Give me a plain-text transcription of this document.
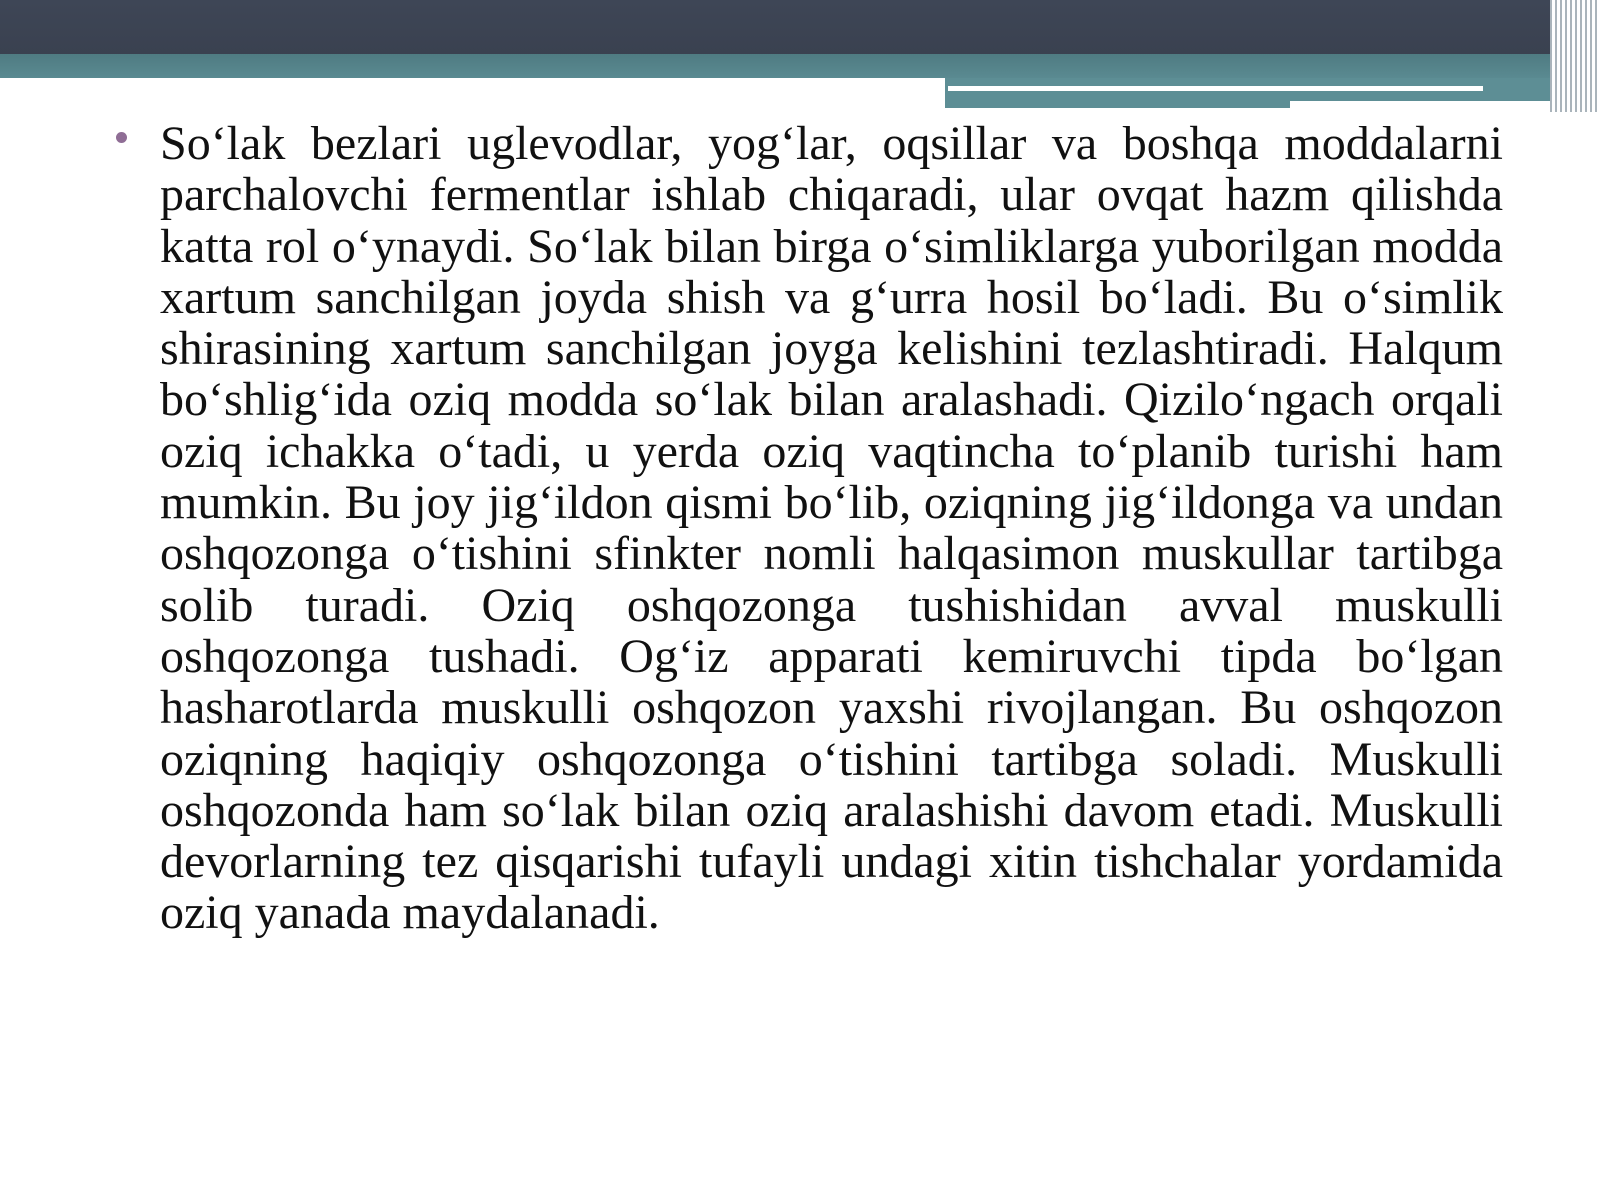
So‘lak bezlari uglevodlar, yog‘lar, oqsillar va boshqa moddalarni parchalovchi fermentlar ishlab chiqaradi, ular ovqat hazm qilishda katta rol o‘ynaydi. So‘lak bilan birga o‘simliklarga yuborilgan modda xartum sanchilgan joyda shish va g‘urra hosil bo‘ladi. Bu o‘simlik shirasining xartum sanchilgan joyga kelishini tezlashtiradi. Halqum bo‘shlig‘ida oziq modda so‘lak bilan aralashadi. Qizilo‘ngach orqali oziq ichakka o‘tadi, u yerda oziq vaqtincha to‘planib turishi ham mumkin. Bu joy jig‘ildon qismi bo‘lib, oziqning jig‘ildonga va undan oshqozonga o‘tishini sfinkter nomli halqasimon muskullar tartibga solib turadi. Oziq oshqozonga tushishidan avval muskulli oshqozonga tushadi. Og‘iz apparati kemiruvchi tipda bo‘lgan hasharotlarda muskulli oshqozon yaxshi rivojlangan. Bu oshqozon oziqning haqiqiy oshqozonga o‘tishini tartibga soladi. Muskulli oshqozonda ham so‘lak bilan oziq aralashishi davom etadi. Muskulli devorlarning tez qisqarishi tufayli undagi xitin tishchalar yordamida oziq yanada maydalanadi.
